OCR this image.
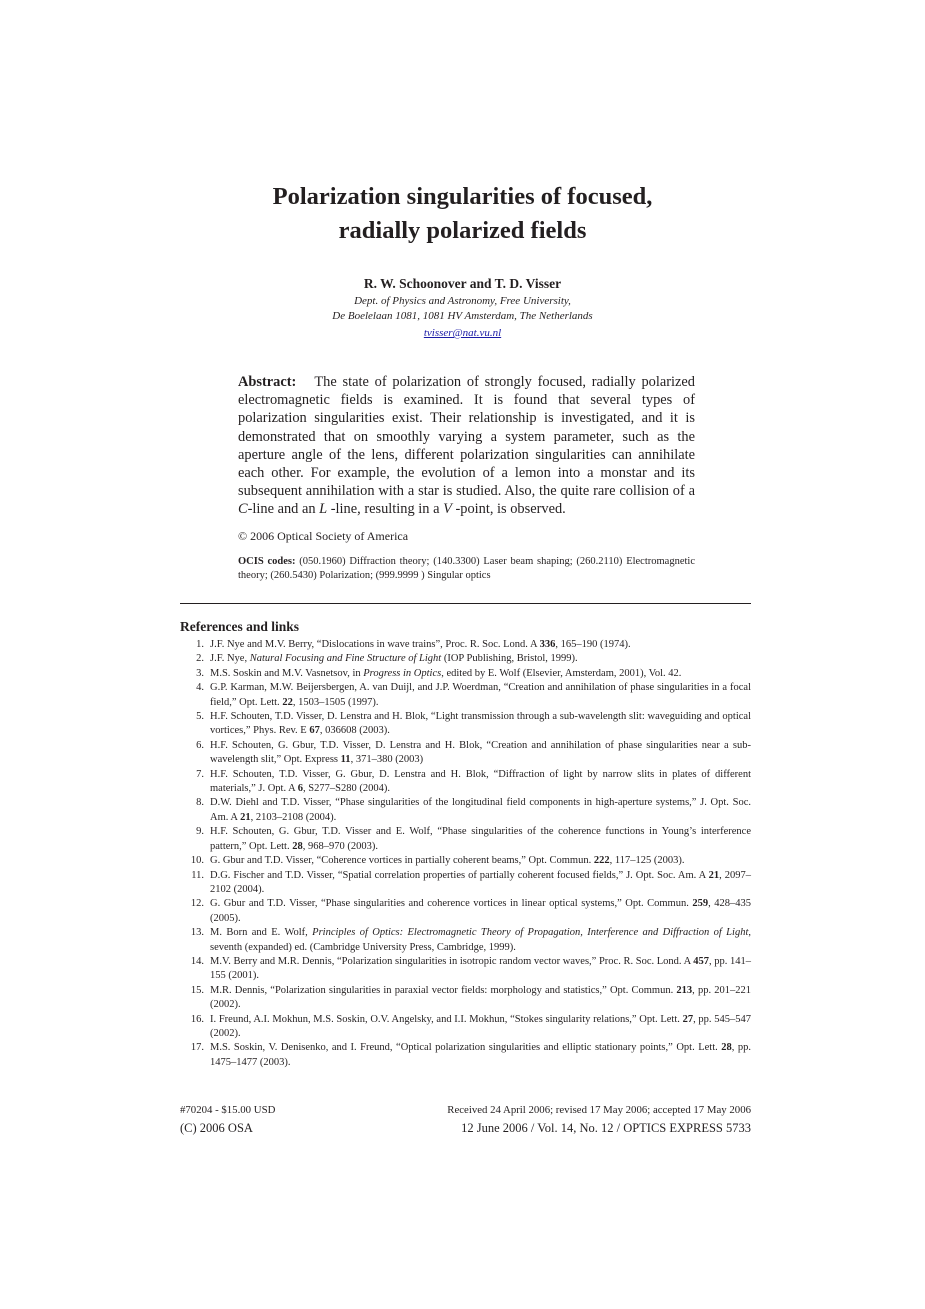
Polarization singularities of focused,
radially polarized fields
R. W. Schoonover and T. D. Visser
Dept. of Physics and Astronomy, Free University,
De Boelelaan 1081, 1081 HV Amsterdam, The Netherlands
tvisser@nat.vu.nl
Abstract: The state of polarization of strongly focused, radially polarized electromagnetic fields is examined. It is found that several types of polarization singularities exist. Their relationship is investigated, and it is demonstrated that on smoothly varying a system parameter, such as the aperture angle of the lens, different polarization singularities can annihilate each other. For example, the evolution of a lemon into a monstar and its subsequent annihilation with a star is studied. Also, the quite rare collision of a C-line and an L -line, resulting in a V -point, is observed.
© 2006 Optical Society of America
OCIS codes: (050.1960) Diffraction theory; (140.3300) Laser beam shaping; (260.2110) Electromagnetic theory; (260.5430) Polarization; (999.9999 ) Singular optics
References and links
1. J.F. Nye and M.V. Berry, “Dislocations in wave trains”, Proc. R. Soc. Lond. A 336, 165–190 (1974).
2. J.F. Nye, Natural Focusing and Fine Structure of Light (IOP Publishing, Bristol, 1999).
3. M.S. Soskin and M.V. Vasnetsov, in Progress in Optics, edited by E. Wolf (Elsevier, Amsterdam, 2001), Vol. 42.
4. G.P. Karman, M.W. Beijersbergen, A. van Duijl, and J.P. Woerdman, “Creation and annihilation of phase singularities in a focal field,” Opt. Lett. 22, 1503–1505 (1997).
5. H.F. Schouten, T.D. Visser, D. Lenstra and H. Blok, “Light transmission through a sub-wavelength slit: waveguiding and optical vortices,” Phys. Rev. E 67, 036608 (2003).
6. H.F. Schouten, G. Gbur, T.D. Visser, D. Lenstra and H. Blok, “Creation and annihilation of phase singularities near a sub-wavelength slit,” Opt. Express 11, 371–380 (2003)
7. H.F. Schouten, T.D. Visser, G. Gbur, D. Lenstra and H. Blok, “Diffraction of light by narrow slits in plates of different materials,” J. Opt. A 6, S277–S280 (2004).
8. D.W. Diehl and T.D. Visser, “Phase singularities of the longitudinal field components in high-aperture systems,” J. Opt. Soc. Am. A 21, 2103–2108 (2004).
9. H.F. Schouten, G. Gbur, T.D. Visser and E. Wolf, “Phase singularities of the coherence functions in Young’s interference pattern,” Opt. Lett. 28, 968–970 (2003).
10. G. Gbur and T.D. Visser, “Coherence vortices in partially coherent beams,” Opt. Commun. 222, 117–125 (2003).
11. D.G. Fischer and T.D. Visser, “Spatial correlation properties of partially coherent focused fields,” J. Opt. Soc. Am. A 21, 2097–2102 (2004).
12. G. Gbur and T.D. Visser, “Phase singularities and coherence vortices in linear optical systems,” Opt. Commun. 259, 428–435 (2005).
13. M. Born and E. Wolf, Principles of Optics: Electromagnetic Theory of Propagation, Interference and Diffraction of Light, seventh (expanded) ed. (Cambridge University Press, Cambridge, 1999).
14. M.V. Berry and M.R. Dennis, “Polarization singularities in isotropic random vector waves,” Proc. R. Soc. Lond. A 457, pp. 141–155 (2001).
15. M.R. Dennis, “Polarization singularities in paraxial vector fields: morphology and statistics,” Opt. Commun. 213, pp. 201–221 (2002).
16. I. Freund, A.I. Mokhun, M.S. Soskin, O.V. Angelsky, and I.I. Mokhun, “Stokes singularity relations,” Opt. Lett. 27, pp. 545–547 (2002).
17. M.S. Soskin, V. Denisenko, and I. Freund, “Optical polarization singularities and elliptic stationary points,” Opt. Lett. 28, pp. 1475–1477 (2003).
#70204 - $15.00 USD	Received 24 April 2006; revised 17 May 2006; accepted 17 May 2006
(C) 2006 OSA	12 June 2006 / Vol. 14, No. 12 / OPTICS EXPRESS 5733
